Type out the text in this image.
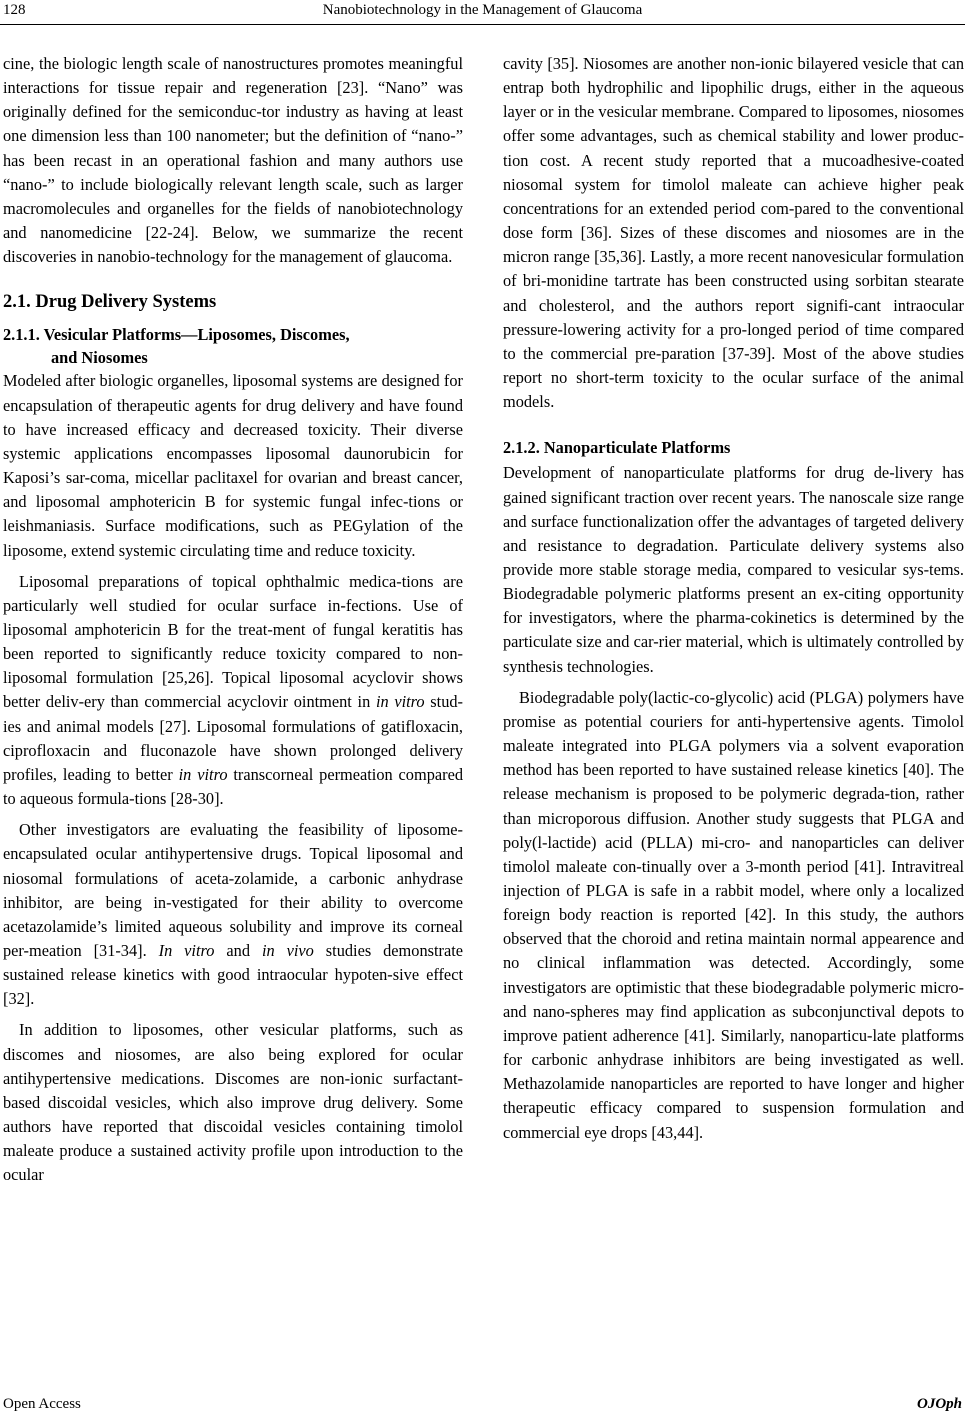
128	Nanobiotechnology in the Management of Glaucoma

cine, the biologic length scale of nanostructures promotes meaningful interactions for tissue repair and regeneration [23]. “Nano” was originally defined for the semiconduc-tor industry as having at least one dimension less than 100 nanometer; but the definition of “nano-” has been recast in an operational fashion and many authors use “nano-” to include biologically relevant length scale, such as larger macromolecules and organelles for the fields of nanobiotechnology and nanomedicine [22-24]. Below, we summarize the recent discoveries in nanobio-technology for the management of glaucoma.

2.1. Drug Delivery Systems
2.1.1. Vesicular Platforms—Liposomes, Discomes,
and Niosomes

Modeled after biologic organelles, liposomal systems are designed for encapsulation of therapeutic agents for drug delivery and have found to have increased efficacy and decreased toxicity. Their diverse systemic applications encompasses liposomal daunorubicin for Kaposi’s sar-coma, micellar paclitaxel for ovarian and breast cancer, and liposomal amphotericin B for systemic fungal infec-tions or leishmaniasis. Surface modifications, such as PEGylation of the liposome, extend systemic circulating time and reduce toxicity.

Liposomal preparations of topical ophthalmic medica-tions are particularly well studied for ocular surface in-fections. Use of liposomal amphotericin B for the treat-ment of fungal keratitis has been reported to significantly reduce toxicity compared to non-liposomal formulation [25,26]. Topical liposomal acyclovir shows better deliv-ery than commercial acyclovir ointment in in vitro stud-ies and animal models [27]. Liposomal formulations of gatifloxacin, ciprofloxacin and fluconazole have shown prolonged delivery profiles, leading to better in vitro transcorneal permeation compared to aqueous formula-tions [28-30].

Other investigators are evaluating the feasibility of liposome-encapsulated ocular antihypertensive drugs. Topical liposomal and niosomal formulations of aceta-zolamide, a carbonic anhydrase inhibitor, are being in-vestigated for their ability to overcome acetazolamide’s limited aqueous solubility and improve its corneal per-meation [31-34]. In vitro and in vivo studies demonstrate sustained release kinetics with good intraocular hypoten-sive effect [32].

In addition to liposomes, other vesicular platforms, such as discomes and niosomes, are also being explored for ocular antihypertensive medications. Discomes are non-ionic surfactant-based discoidal vesicles, which also improve drug delivery. Some authors have reported that discoidal vesicles containing timolol maleate produce a sustained activity profile upon introduction to the ocular

cavity [35]. Niosomes are another non-ionic bilayered vesicle that can entrap both hydrophilic and lipophilic drugs, either in the aqueous layer or in the vesicular membrane. Compared to liposomes, niosomes offer some advantages, such as chemical stability and lower produc-tion cost. A recent study reported that a mucoadhesive-coated niosomal system for timolol maleate can achieve higher peak concentrations for an extended period com-pared to the conventional dose form [36]. Sizes of these discomes and niosomes are in the micron range [35,36]. Lastly, a more recent nanovesicular formulation of bri-monidine tartrate has been constructed using sorbitan stearate and cholesterol, and the authors report signifi-cant intraocular pressure-lowering activity for a pro-longed period of time compared to the commercial pre-paration [37-39]. Most of the above studies report no short-term toxicity to the ocular surface of the animal models.

2.1.2. Nanoparticulate Platforms

Development of nanoparticulate platforms for drug de-livery has gained significant traction over recent years. The nanoscale size range and surface functionalization offer the advantages of targeted delivery and resistance to degradation. Particulate delivery systems also provide more stable storage media, compared to vesicular sys-tems. Biodegradable polymeric platforms present an ex-citing opportunity for investigators, where the pharma-cokinetics is determined by the particulate size and car-rier material, which is ultimately controlled by synthesis technologies.

Biodegradable poly(lactic-co-glycolic) acid (PLGA) polymers have promise as potential couriers for anti-hypertensive agents. Timolol maleate integrated into PLGA polymers via a solvent evaporation method has been reported to have sustained release kinetics [40]. The release mechanism is proposed to be polymeric degrada-tion, rather than microporous diffusion. Another study suggests that PLGA and poly(l-lactide) acid (PLLA) mi-cro- and nanoparticles can deliver timolol maleate con-tinually over a 3-month period [41]. Intravitreal injection of PLGA is safe in a rabbit model, where only a localized foreign body reaction is reported [42]. In this study, the authors observed that the choroid and retina maintain normal appearence and no clinical inflammation was detected. Accordingly, some investigators are optimistic that these biodegradable polymeric micro- and nano-spheres may find application as subconjunctival depots to improve patient adherence [41]. Similarly, nanoparticu-late platforms for carbonic anhydrase inhibitors are being investigated as well. Methazolamide nanoparticles are reported to have longer and higher therapeutic efficacy compared to suspension formulation and commercial eye drops [43,44].

Open Access	OJOph
